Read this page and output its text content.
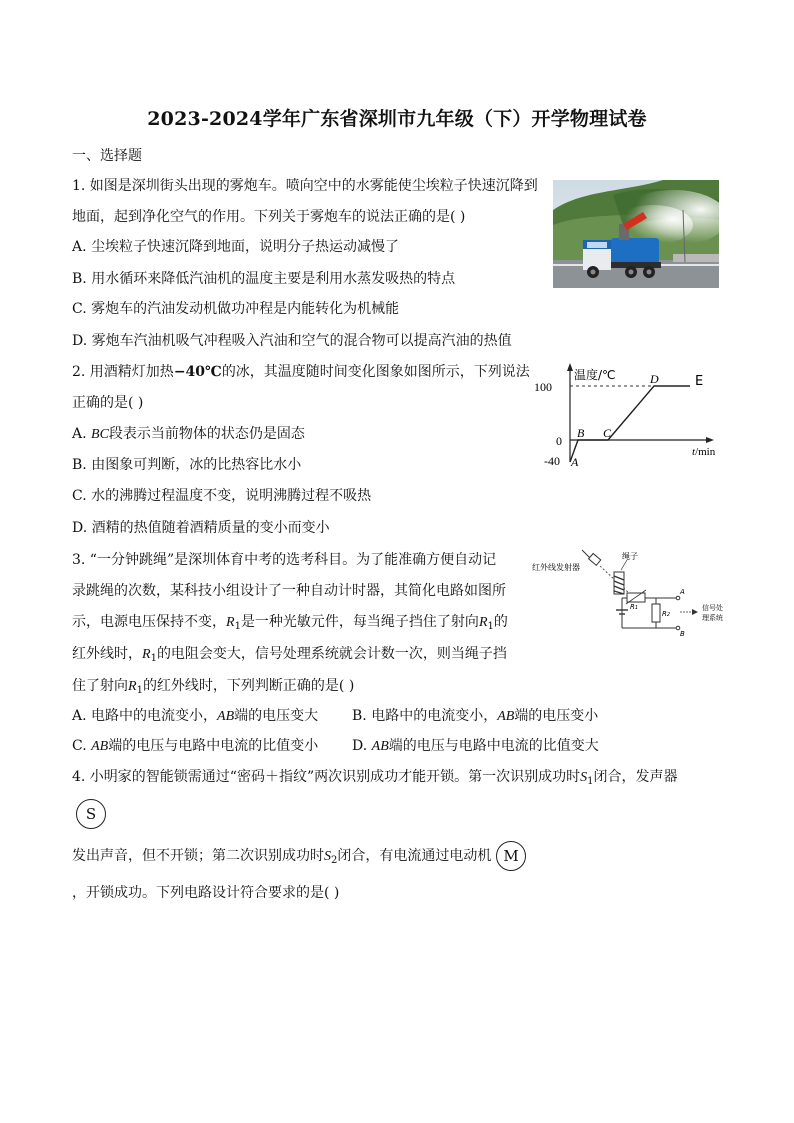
2023-2024学年广东省深圳市九年级（下）开学物理试卷
一、选择题
1. 如图是深圳街头出现的雾炮车。喷向空中的水雾能使尘埃粒子快速沉降到
地面，起到净化空气的作用。下列关于雾炮车的说法正确的是( )
A. 尘埃粒子快速沉降到地面，说明分子热运动减慢了
B. 用水循环来降低汽油机的温度主要是利用水蒸发吸热的特点
C. 雾炮车的汽油发动机做功冲程是内能转化为机械能
D. 雾炮车汽油机吸气冲程吸入汽油和空气的混合物可以提高汽油的热值
2. 用酒精灯加热−40℃的冰，其温度随时间变化图象如图所示，下列说法
正确的是( )
A. BC段表示当前物体的状态仍是固态
B. 由图象可判断，冰的比热容比水小
C. 水的沸腾过程温度不变，说明沸腾过程不吸热
D. 酒精的热值随着酒精质量的变小而变小
100
0
-40
温度/℃
t/min
A
B C
D	E
3. “一分钟跳绳”是深圳体育中考的选考科目。为了能准确方便自动记
录跳绳的次数，某科技小组设计了一种自动计时器，其简化电路如图所
示，电源电压保持不变，$R_1$是一种光敏元件，每当绳子挡住了射向$R_1$的
红外线时，$R_1$的电阻会变大，信号处理系统就会计数一次，则当绳子挡
住了射向$R_1$的红外线时，下列判断正确的是( )
A. 电路中的电流变小，AB端的电压变大 B. 电路中的电流变小，AB端的电压变小
C. AB端的电压与电路中电流的比值变小 D. AB端的电压与电路中电流的比值变大
红外线发射器
绳子
R1
R2
A
B
信号处
理系统
4. 小明家的智能锁需通过“密码＋指纹”两次识别成功才能开锁。第一次识别成功时$S_1$闭合，发声器
S
发出声音，但不开锁；第二次识别成功时$S_2$闭合，有电流通过电动机 M
，开锁成功。下列电路设计符合要求的是( )
